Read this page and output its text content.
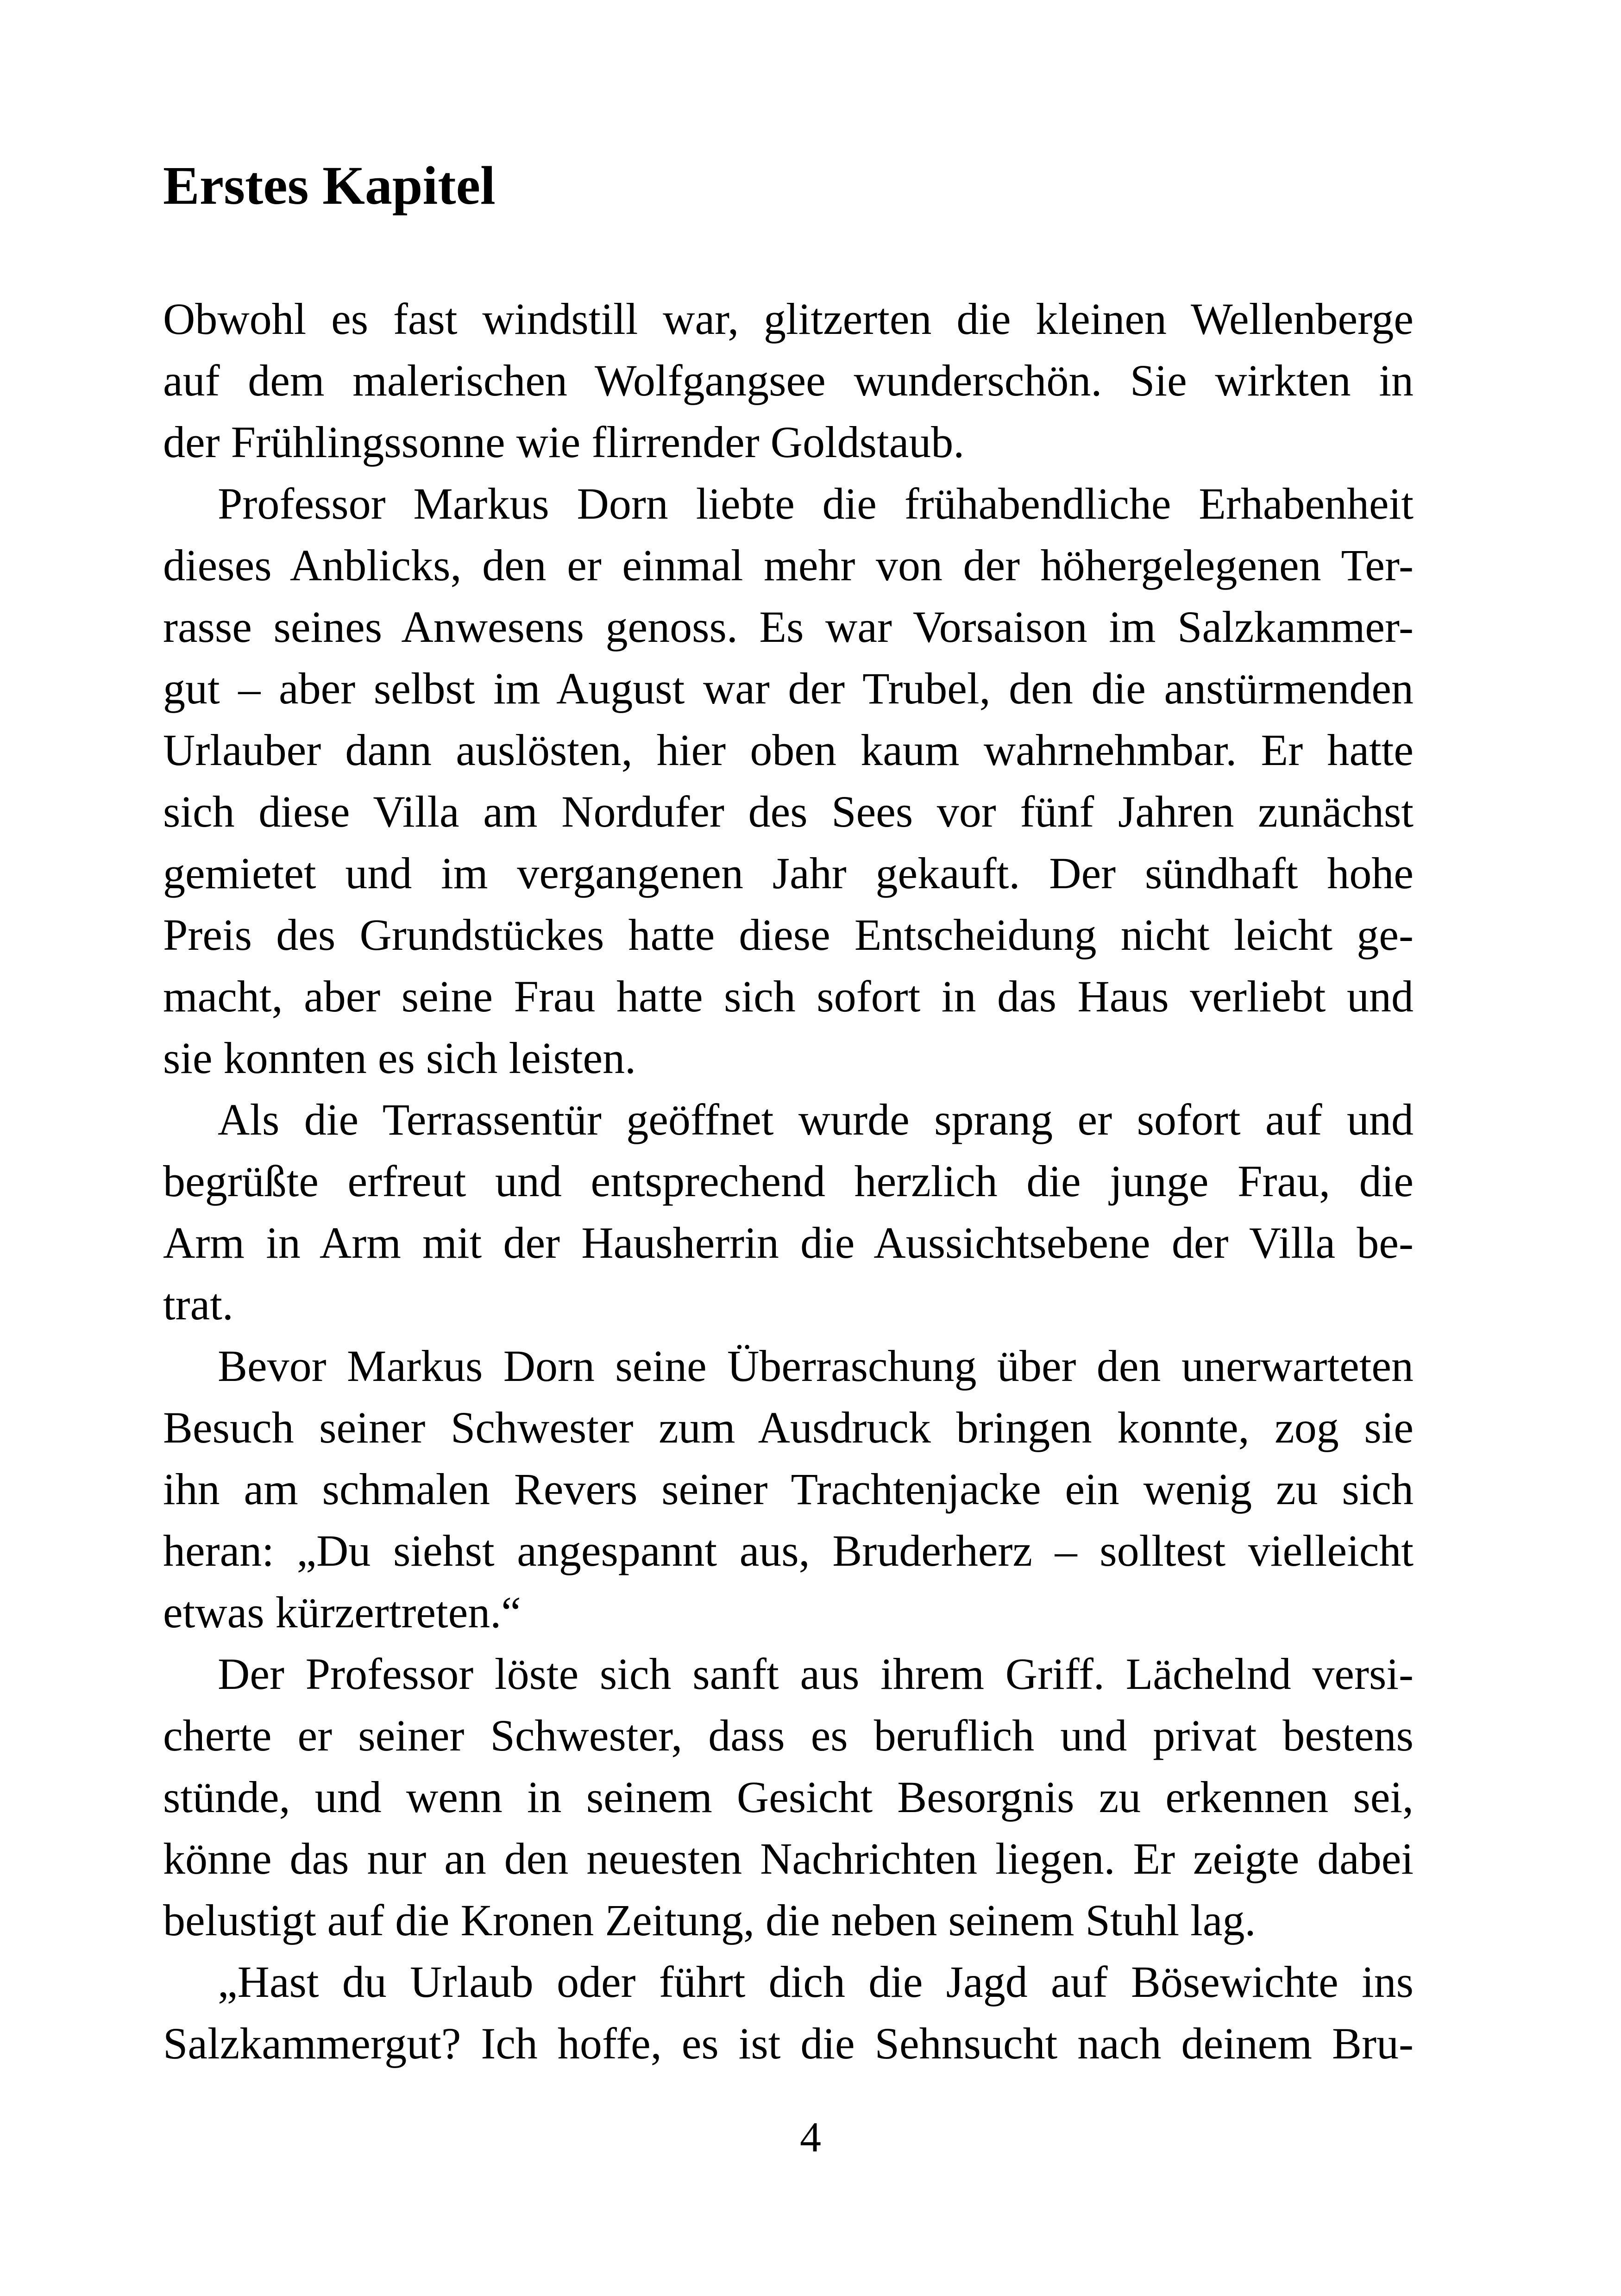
Erstes Kapitel
Obwohl es fast windstill war, glitzerten die kleinen Wellenberge
auf dem malerischen Wolfgangsee wunderschön. Sie wirkten in
der Frühlingssonne wie flirrender Goldstaub.
Professor Markus Dorn liebte die frühabendliche Erhabenheit
dieses Anblicks, den er einmal mehr von der höhergelegenen Ter-
rasse seines Anwesens genoss. Es war Vorsaison im Salzkammer-
gut – aber selbst im August war der Trubel, den die anstürmenden
Urlauber dann auslösten, hier oben kaum wahrnehmbar. Er hatte
sich diese Villa am Nordufer des Sees vor fünf Jahren zunächst
gemietet und im vergangenen Jahr gekauft. Der sündhaft hohe
Preis des Grundstückes hatte diese Entscheidung nicht leicht ge-
macht, aber seine Frau hatte sich sofort in das Haus verliebt und
sie konnten es sich leisten.
Als die Terrassentür geöffnet wurde sprang er sofort auf und
begrüßte erfreut und entsprechend herzlich die junge Frau, die
Arm in Arm mit der Hausherrin die Aussichtsebene der Villa be-
trat.
Bevor Markus Dorn seine Überraschung über den unerwarteten
Besuch seiner Schwester zum Ausdruck bringen konnte, zog sie
ihn am schmalen Revers seiner Trachtenjacke ein wenig zu sich
heran: „Du siehst angespannt aus, Bruderherz – solltest vielleicht
etwas kürzertreten.“
Der Professor löste sich sanft aus ihrem Griff. Lächelnd versi-
cherte er seiner Schwester, dass es beruflich und privat bestens
stünde, und wenn in seinem Gesicht Besorgnis zu erkennen sei,
könne das nur an den neuesten Nachrichten liegen. Er zeigte dabei
belustigt auf die Kronen Zeitung, die neben seinem Stuhl lag.
„Hast du Urlaub oder führt dich die Jagd auf Bösewichte ins
Salzkammergut? Ich hoffe, es ist die Sehnsucht nach deinem Bru-
4
